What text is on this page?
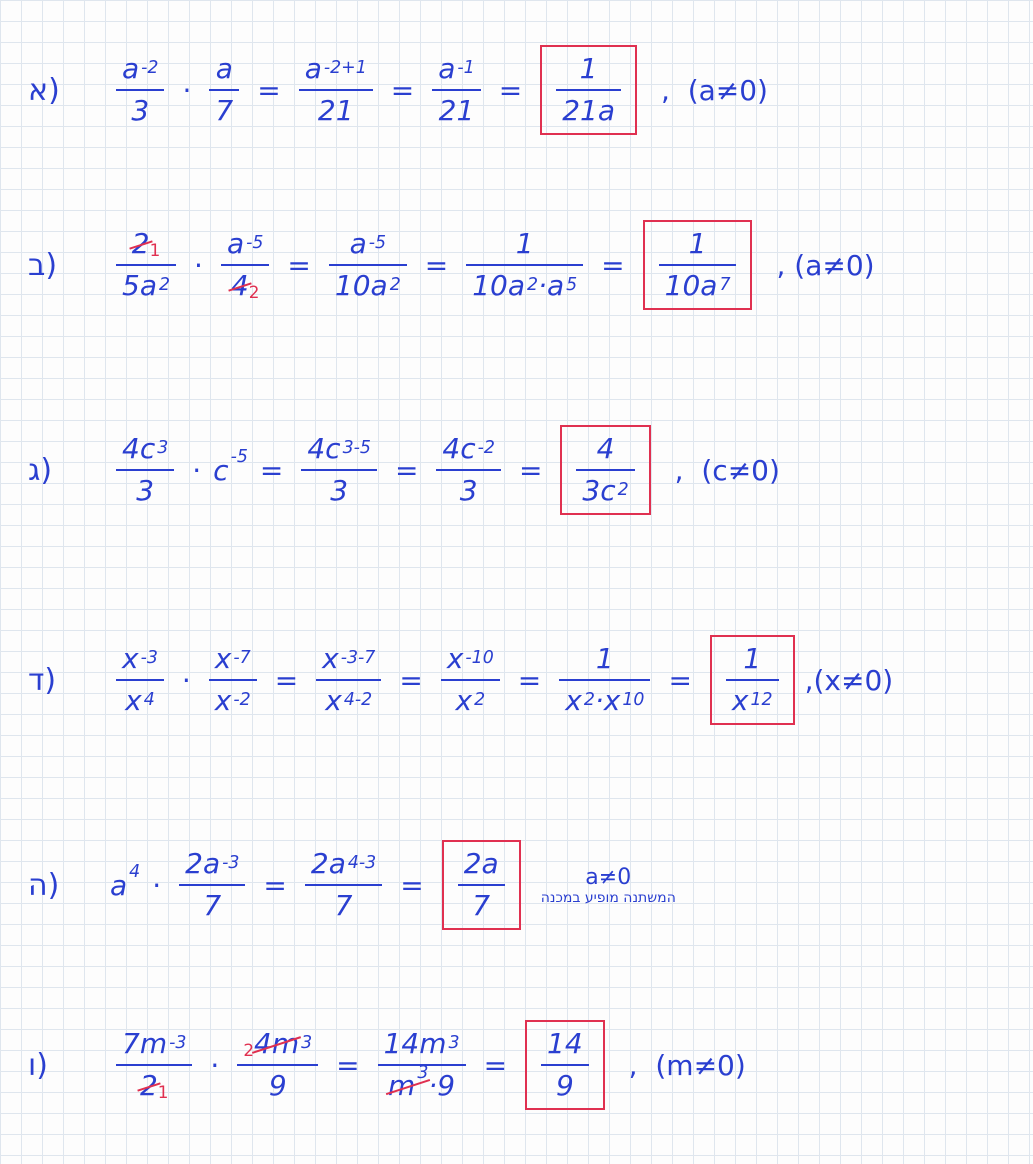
א) $\frac{a^{-2}}{3} \cdot \frac{a}{7} = \frac{a^{-2+1}}{21} = \frac{a^{-1}}{21} = \frac{1}{21a}$ ,  (a≠0)
ב) $\frac{2 1}{5a^2} \cdot \frac{a^{-5}}{4 2} = \frac{a^{-5}}{10a^2} = \frac{1}{10a^2 \cdot a^5} = \frac{1}{10a^7}$ , (a≠0)
ג) $\frac{4c^3}{3} \cdot c$ $^{-5} = \frac{4c^{3-5}}{3} = \frac{4c^{-2}}{3} = \frac{4}{3c^2}$ ,  (c≠0)
ד) $\frac{x^{-3}}{x^4} \cdot \frac{x^{-7}}{x^{-2}} = \frac{x^{-3-7}}{x^{4-2}} = \frac{x^{-10}}{x^2} = \frac{1}{x^2 \cdot x^{10}} = \frac{1}{x^{12}} ,(x\ne 0)$
ה) a $^4 \cdot \frac{2a^{-3}}{7} = \frac{2a^{4-3}}{7} = \frac{2a}{7}$	a≠0
המשתנה מופיע במכנה
ו) $\frac{7m^{-3}}{2 1} \cdot \frac{2 4m^3}{9} = \frac{14m^3}{m ^3 \cdot 9} = \frac{14}{9}$ ,  (m≠0)
